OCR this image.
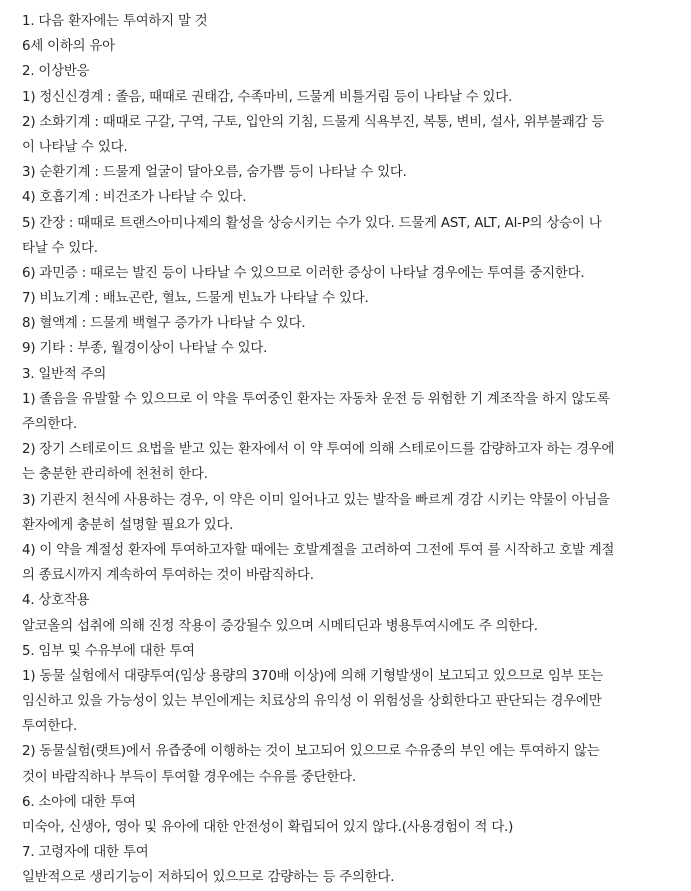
1. 다음 환자에는 투여하지 말 것
6세 이하의 유아
2. 이상반응
1) 정신신경계 : 졸음, 때때로 권태감, 수족마비, 드물게 비틀거림 등이 나타날 수 있다.
2) 소화기계 : 때때로 구갈, 구역, 구토, 입안의 기침, 드물게 식욕부진, 복통, 변비, 설사, 위부불쾌감 등
이 나타날 수 있다.
3) 순환기계 : 드물게 얼굴이 달아오름, 숨가쁨 등이 나타날 수 있다.
4) 호흡기계 : 비건조가 나타날 수 있다.
5) 간장 : 때때로 트랜스아미나제의 활성을 상승시키는 수가 있다. 드물게 AST, ALT, Al-P의 상승이 나
타날 수 있다.
6) 과민증 : 때로는 발진 등이 나타날 수 있으므로 이러한 증상이 나타날 경우에는 투여를 중지한다.
7) 비뇨기계 : 배뇨곤란, 혈뇨, 드물게 빈뇨가 나타날 수 있다.
8) 혈액계 : 드물게 백혈구 증가가 나타날 수 있다.
9) 기타 : 부종, 월경이상이 나타날 수 있다.
3. 일반적 주의
1) 졸음을 유발할 수 있으므로 이 약을 투여중인 환자는 자동차 운전 등 위험한 기 계조작을 하지 않도록
주의한다.
2) 장기 스테로이드 요법을 받고 있는 환자에서 이 약 투여에 의해 스테로이드를 감량하고자 하는 경우에
는 충분한 관리하에 천천히 한다.
3) 기관지 천식에 사용하는 경우, 이 약은 이미 일어나고 있는 발작을 빠르게 경감 시키는 약물이 아님을
환자에게 충분히 설명할 필요가 있다.
4) 이 약을 계절성 환자에 투여하고자할 때에는 호발계절을 고려하여 그전에 투여 를 시작하고 호발 계절
의 종료시까지 계속하여 투여하는 것이 바람직하다.
4. 상호작용
알코올의 섭취에 의해 진정 작용이 증강될수 있으며 시메티딘과 병용투여시에도 주 의한다.
5. 임부 및 수유부에 대한 투여
1) 동물 실험에서 대량투여(임상 용량의 370배 이상)에 의해 기형발생이 보고되고 있으므로 임부 또는
임신하고 있을 가능성이 있는 부인에게는 치료상의 유익성 이 위험성을 상회한다고 판단되는 경우에만
투여한다.
2) 동물실험(랫트)에서 유즙중에 이행하는 것이 보고되어 있으므로 수유중의 부인 에는 투여하지 않는
것이 바람직하나 부득이 투여할 경우에는 수유를 중단한다.
6. 소아에 대한 투여
미숙아, 신생아, 영아 및 유아에 대한 안전성이 확립되어 있지 않다.(사용경험이 적 다.)
7. 고령자에 대한 투여
일반적으로 생리기능이 저하되어 있으므로 감량하는 등 주의한다.
